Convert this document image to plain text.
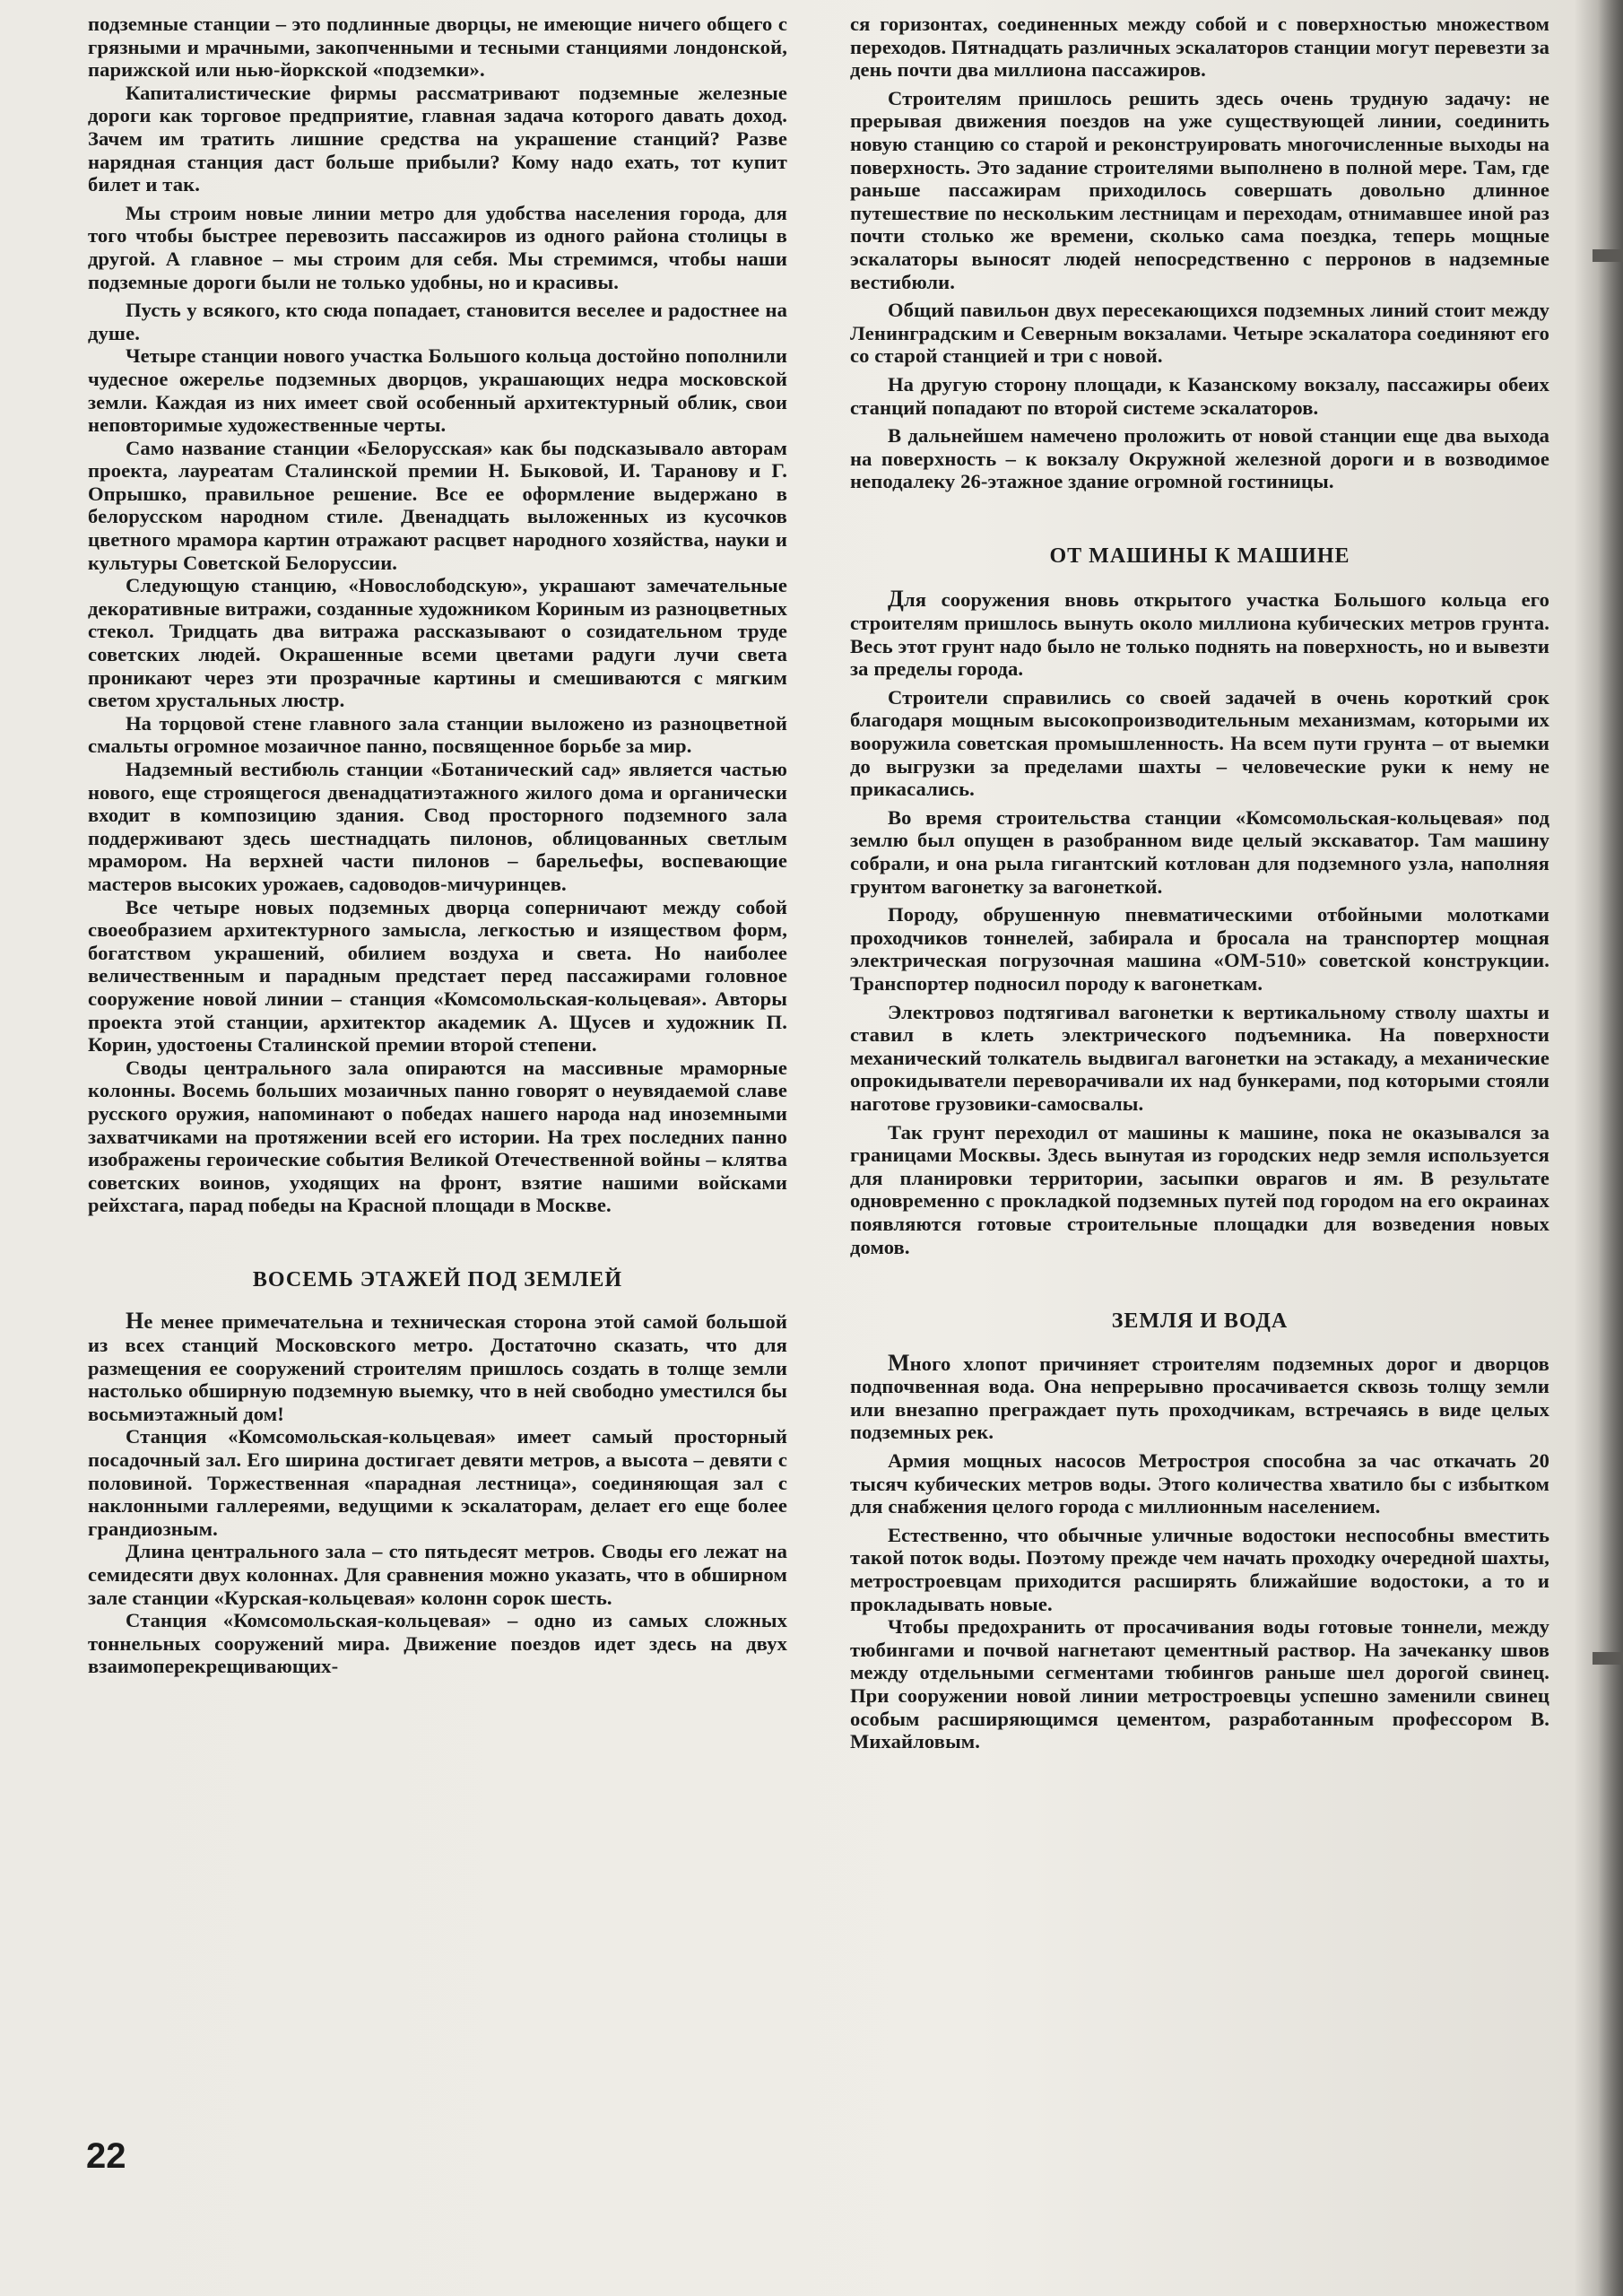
подземные станции – это подлинные дворцы, не имеющие ничего общего с грязными и мрачными, закопченными и тесными станциями лондонской, парижской или нью-йоркской «подземки».

Капиталистические фирмы рассматривают подземные железные дороги как торговое предприятие, главная задача которого давать доход. Зачем им тратить лишние средства на украшение станций? Разве нарядная станция даст больше прибыли? Кому надо ехать, тот купит билет и так.

Мы строим новые линии метро для удобства населения города, для того чтобы быстрее перевозить пассажиров из одного района столицы в другой. А главное – мы строим для себя. Мы стремимся, чтобы наши подземные дороги были не только удобны, но и красивы.

Пусть у всякого, кто сюда попадает, становится веселее и радостнее на душе.

Четыре станции нового участка Большого кольца достойно пополнили чудесное ожерелье подземных дворцов, украшающих недра московской земли. Каждая из них имеет свой особенный архитектурный облик, свои неповторимые художественные черты.

Само название станции «Белорусская» как бы подсказывало авторам проекта, лауреатам Сталинской премии Н. Быковой, И. Таранову и Г. Опрышко, правильное решение. Все ее оформление выдержано в белорусском народном стиле. Двенадцать выложенных из кусочков цветного мрамора картин отражают расцвет народного хозяйства, науки и культуры Советской Белоруссии.

Следующую станцию, «Новослободскую», украшают замечательные декоративные витражи, созданные художником Кориным из разноцветных стекол. Тридцать два витража рассказывают о созидательном труде советских людей. Окрашенные всеми цветами радуги лучи света проникают через эти прозрачные картины и смешиваются с мягким светом хрустальных люстр.

На торцовой стене главного зала станции выложено из разноцветной смальты огромное мозаичное панно, посвященное борьбе за мир.

Надземный вестибюль станции «Ботанический сад» является частью нового, еще строящегося двенадцатиэтажного жилого дома и органически входит в композицию здания. Свод просторного подземного зала поддерживают здесь шестнадцать пилонов, облицованных светлым мрамором. На верхней части пилонов – барельефы, воспевающие мастеров высоких урожаев, садоводов-мичуринцев.

Все четыре новых подземных дворца соперничают между собой своеобразием архитектурного замысла, легкостью и изяществом форм, богатством украшений, обилием воздуха и света. Но наиболее величественным и парадным предстает перед пассажирами головное сооружение новой линии – станция «Комсомольская-кольцевая». Авторы проекта этой станции, архитектор академик А. Щусев и художник П. Корин, удостоены Сталинской премии второй степени.

Своды центрального зала опираются на массивные мраморные колонны. Восемь больших мозаичных панно говорят о неувядаемой славе русского оружия, напоминают о победах нашего народа над иноземными захватчиками на протяжении всей его истории. На трех последних панно изображены героические события Великой Отечественной войны – клятва советских воинов, уходящих на фронт, взятие нашими войсками рейхстага, парад победы на Красной площади в Москве.

ВОСЕМЬ ЭТАЖЕЙ ПОД ЗЕМЛЕЙ

Не менее примечательна и техническая сторона этой самой большой из всех станций Московского метро. Достаточно сказать, что для размещения ее сооружений строителям пришлось создать в толще земли настолько обширную подземную выемку, что в ней свободно уместился бы восьмиэтажный дом!

Станция «Комсомольская-кольцевая» имеет самый просторный посадочный зал. Его ширина достигает девяти метров, а высота – девяти с половиной. Торжественная «парадная лестница», соединяющая зал с наклонными галлереями, ведущими к эскалаторам, делает его еще более грандиозным.

Длина центрального зала – сто пятьдесят метров. Своды его лежат на семидесяти двух колоннах. Для сравнения можно указать, что в обширном зале станции «Курская-кольцевая» колонн сорок шесть.

Станция «Комсомольская-кольцевая» – одно из самых сложных тоннельных сооружений мира. Движение поездов идет здесь на двух взаимоперекрещивающих-

ся горизонтах, соединенных между собой и с поверхностью множеством переходов. Пятнадцать различных эскалаторов станции могут перевезти за день почти два миллиона пассажиров.

Строителям пришлось решить здесь очень трудную задачу: не прерывая движения поездов на уже существующей линии, соединить новую станцию со старой и реконструировать многочисленные выходы на поверхность. Это задание строителями выполнено в полной мере. Там, где раньше пассажирам приходилось совершать довольно длинное путешествие по нескольким лестницам и переходам, отнимавшее иной раз почти столько же времени, сколько сама поездка, теперь мощные эскалаторы выносят людей непосредственно с перронов в надземные вестибюли.

Общий павильон двух пересекающихся подземных линий стоит между Ленинградским и Северным вокзалами. Четыре эскалатора соединяют его со старой станцией и три с новой.

На другую сторону площади, к Казанскому вокзалу, пассажиры обеих станций попадают по второй системе эскалаторов.

В дальнейшем намечено проложить от новой станции еще два выхода на поверхность – к вокзалу Окружной железной дороги и в возводимое неподалеку 26-этажное здание огромной гостиницы.

ОТ МАШИНЫ К МАШИНЕ

Для сооружения вновь открытого участка Большого кольца его строителям пришлось вынуть около миллиона кубических метров грунта. Весь этот грунт надо было не только поднять на поверхность, но и вывезти за пределы города.

Строители справились со своей задачей в очень короткий срок благодаря мощным высокопроизводительным механизмам, которыми их вооружила советская промышленность. На всем пути грунта – от выемки до выгрузки за пределами шахты – человеческие руки к нему не прикасались.

Во время строительства станции «Комсомольская-кольцевая» под землю был опущен в разобранном виде целый экскаватор. Там машину собрали, и она рыла гигантский котлован для подземного узла, наполняя грунтом вагонетку за вагонеткой.

Породу, обрушенную пневматическими отбойными молотками проходчиков тоннелей, забирала и бросала на транспортер мощная электрическая погрузочная машина «ОМ-510» советской конструкции. Транспортер подносил породу к вагонеткам.

Электровоз подтягивал вагонетки к вертикальному стволу шахты и ставил в клеть электрического подъемника. На поверхности механический толкатель выдвигал вагонетки на эстакаду, а механические опрокидыватели переворачивали их над бункерами, под которыми стояли наготове грузовики-самосвалы.

Так грунт переходил от машины к машине, пока не оказывался за границами Москвы. Здесь вынутая из городских недр земля используется для планировки территории, засыпки оврагов и ям. В результате одновременно с прокладкой подземных путей под городом на его окраинах появляются готовые строительные площадки для возведения новых домов.

ЗЕМЛЯ И ВОДА

Много хлопот причиняет строителям подземных дорог и дворцов подпочвенная вода. Она непрерывно просачивается сквозь толщу земли или внезапно преграждает путь проходчикам, встречаясь в виде целых подземных рек.

Армия мощных насосов Метростроя способна за час откачать 20 тысяч кубических метров воды. Этого количества хватило бы с избытком для снабжения целого города с миллионным населением.

Естественно, что обычные уличные водостоки неспособны вместить такой поток воды. Поэтому прежде чем начать проходку очередной шахты, метростроевцам приходится расширять ближайшие водостоки, а то и прокладывать новые.

Чтобы предохранить от просачивания воды готовые тоннели, между тюбингами и почвой нагнетают цементный раствор. На зачеканку швов между отдельными сегментами тюбингов раньше шел дорогой свинец. При сооружении новой линии метростроевцы успешно заменили свинец особым расширяющимся цементом, разработанным профессором В. Михайловым.

22
